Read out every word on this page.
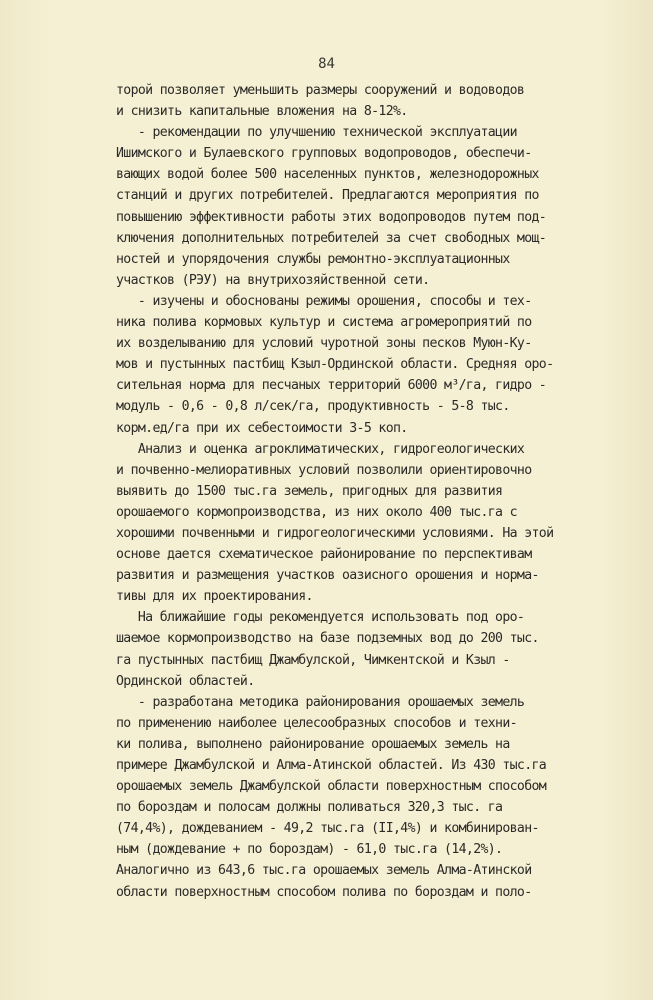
84
торой позволяет уменьшить размеры сооружений и водоводов
и снизить капитальные вложения на 8-12%.
- рекомендации по улучшению технической эксплуатации
Ишимского и Булаевского групповых водопроводов, обеспечи-
вающих водой более 500 населенных пунктов, железнодорожных
станций и других потребителей. Предлагаются мероприятия по
повышению эффективности работы этих водопроводов путем под-
ключения дополнительных потребителей за счет свободных мощ-
ностей и упорядочения службы ремонтно-эксплуатационных
участков (РЭУ) на внутрихозяйственной сети.
- изучены и обоснованы режимы орошения, способы и тех-
ника полива кормовых культур и система агромероприятий по
их возделыванию для условий чуротной зоны песков Муюн-Ку-
мов и пустынных пастбищ Кзыл-Ординской области. Средняя оро-
сительная норма для песчаных территорий 6000 м³/га, гидро -
модуль - 0,6 - 0,8 л/сек/га, продуктивность - 5-8 тыс.
корм.ед/га при их себестоимости 3-5 коп.
Анализ и оценка агроклиматических, гидрогеологических
и почвенно-мелиоративных условий позволили ориентировочно
выявить до 1500 тыс.га земель, пригодных для развития
орошаемого кормопроизводства, из них около 400 тыс.га с
хорошими почвенными и гидрогеологическими условиями. На этой
основе дается схематическое районирование по перспективам
развития и размещения участков оазисного орошения и норма-
тивы для их проектирования.
На ближайшие годы рекомендуется использовать под оро-
шаемое кормопроизводство на базе подземных вод до 200 тыс.
га пустынных пастбищ Джамбулской, Чимкентской и Кзыл -
Ординской областей.
- разработана методика районирования орошаемых земель
по применению наиболее целесообразных способов и техни-
ки полива, выполнено районирование орошаемых земель на
примере Джамбулской и Алма-Атинской областей. Из 430 тыс.га
орошаемых земель Джамбулской области поверхностным способом
по бороздам и полосам должны поливаться 320,3 тыс. га
(74,4%), дождеванием - 49,2 тыс.га (II,4%) и комбинирован-
ным (дождевание + по бороздам) - 61,0 тыс.га (14,2%).
Аналогично из 643,6 тыс.га орошаемых земель Алма-Атинской
области поверхностным способом полива по бороздам и поло-
